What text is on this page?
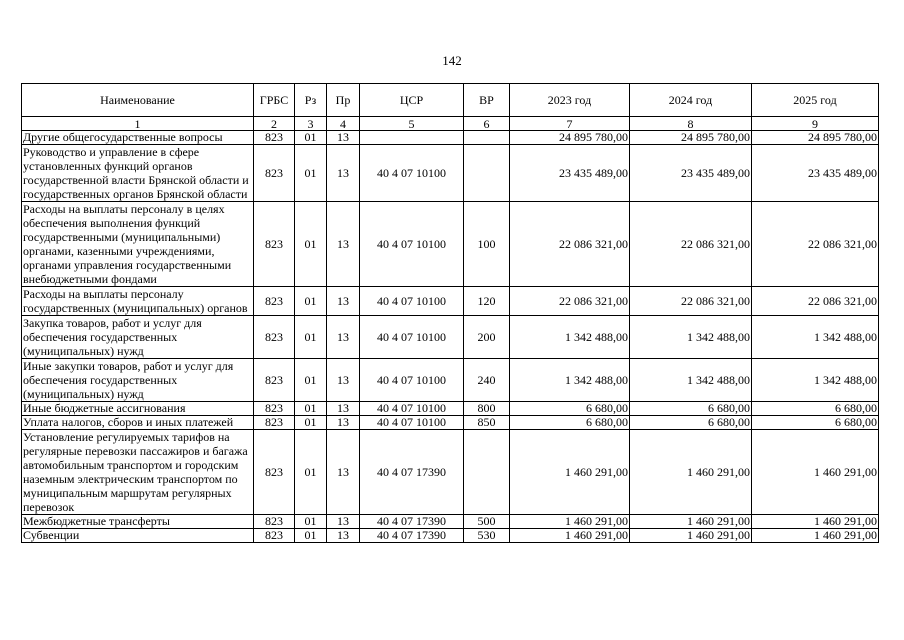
142
Наименование	ГРБС	Рз	Пр	ЦСР	ВР	2023 год	2024 год	2025 год
1	2	3	4	5	6	7	8	9
Другие общегосударственные вопросы	823	01	13			24 895 780,00	24 895 780,00	24 895 780,00
Руководство и управление в сфере установленных функций органов государственной власти Брянской области и государственных органов Брянской области	823	01	13	40 4 07 10100		23 435 489,00	23 435 489,00	23 435 489,00
Расходы на выплаты персоналу в целях обеспечения выполнения функций государственными (муниципальными) органами, казенными учреждениями, органами управления государственными внебюджетными фондами	823	01	13	40 4 07 10100	100	22 086 321,00	22 086 321,00	22 086 321,00
Расходы на выплаты персоналу государственных (муниципальных) органов	823	01	13	40 4 07 10100	120	22 086 321,00	22 086 321,00	22 086 321,00
Закупка товаров, работ и услуг для обеспечения государственных (муниципальных) нужд	823	01	13	40 4 07 10100	200	1 342 488,00	1 342 488,00	1 342 488,00
Иные закупки товаров, работ и услуг для обеспечения государственных (муниципальных) нужд	823	01	13	40 4 07 10100	240	1 342 488,00	1 342 488,00	1 342 488,00
Иные бюджетные ассигнования	823	01	13	40 4 07 10100	800	6 680,00	6 680,00	6 680,00
Уплата налогов, сборов и иных платежей	823	01	13	40 4 07 10100	850	6 680,00	6 680,00	6 680,00
Установление регулируемых тарифов на регулярные перевозки пассажиров и багажа автомобильным транспортом и городским наземным электрическим транспортом по муниципальным маршрутам регулярных перевозок	823	01	13	40 4 07 17390		1 460 291,00	1 460 291,00	1 460 291,00
Межбюджетные трансферты	823	01	13	40 4 07 17390	500	1 460 291,00	1 460 291,00	1 460 291,00
Субвенции	823	01	13	40 4 07 17390	530	1 460 291,00	1 460 291,00	1 460 291,00
